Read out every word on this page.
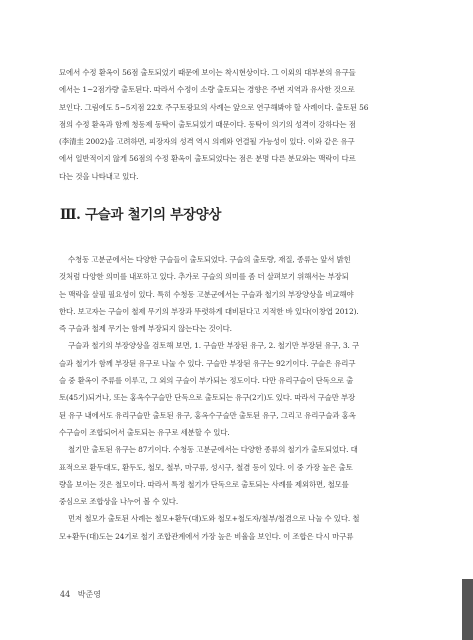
묘에서 수정 환옥이 56점 출토되었기 때문에 보이는 착시현상이다. 그 이외의 대부분의 유구들
에서는 1~2점가량 출토된다. 따라서 수정이 소량 출토되는 경향은 주변 지역과 유사한 것으로
보인다. 그림에도 5~5지점 22호 주구토광묘의 사례는 앞으로 연구해봐야 할 사례이다. 출토된 56
점의 수정 환옥과 함께 청동제 동탁이 출토되었기 때문이다. 동탁이 의기의 성격이 강하다는 점
(李清圭 2002)을 고려하면, 피장자의 성격 역시 의례와 연결될 가능성이 있다. 이와 같은 유구
에서 일반적이지 않게 56점의 수정 환옥이 출토되었다는 점은 분명 다른 분묘와는 맥락이 다르
다는 것을 나타내고 있다.
Ⅲ. 구슬과 철기의 부장양상
수청동 고분군에서는 다양한 구슬들이 출토되었다. 구슬의 출토량, 재질, 종류는 앞서 밝힌
것처럼 다양한 의미를 내포하고 있다. 추가로 구슬의 의미를 좀 더 살펴보기 위해서는 부장되
는 맥락을 살필 필요성이 있다. 특히 수청동 고분군에서는 구슬과 철기의 부장양상을 비교해야
한다. 보고자는 구슬이 철제 무기의 부장과 뚜렷하게 대비된다고 지적한 바 있다(이창엽 2012).
즉 구슬과 철제 무기는 함께 부장되지 않는다는 것이다.
구슬과 철기의 부장양상을 검토해 보면, 1. 구슬만 부장된 유구, 2. 철기만 부장된 유구, 3. 구
슬과 철기가 함께 부장된 유구로 나눌 수 있다. 구슬만 부장된 유구는 92기이다. 구슬은 유리구
슬 중 환옥이 주류를 이루고, 그 외의 구슬이 부가되는 정도이다. 다만 유리구슬이 단독으로 출
토(45기)되거나, 또는 홍옥수구슬만 단독으로 출토되는 유구(2기)도 있다. 따라서 구슬만 부장
된 유구 내에서도 유리구슬만 출토된 유구, 홍옥수구슬만 출토된 유구, 그리고 유리구슬과 홍옥
수구슬이 조합되어서 출토되는 유구로 세분할 수 있다.
철기만 출토된 유구는 87기이다. 수청동 고분군에서는 다양한 종류의 철기가 출토되었다. 대
표적으로 환두대도, 환두도, 철모, 철부, 마구류, 성시구, 철겸 등이 있다. 이 중 가장 높은 출토
량을 보이는 것은 철모이다. 따라서 특정 철기가 단독으로 출토되는 사례를 제외하면, 철모를
중심으로 조합상을 나누어 볼 수 있다.
먼저 철모가 출토된 사례는 철모+환두(대)도와 철모+철도자/철부/철겸으로 나눌 수 있다. 철
모+환두(대)도는 24기로 철기 조합관계에서 가장 높은 비율을 보인다. 이 조합은 다시 마구류
44 박준영
